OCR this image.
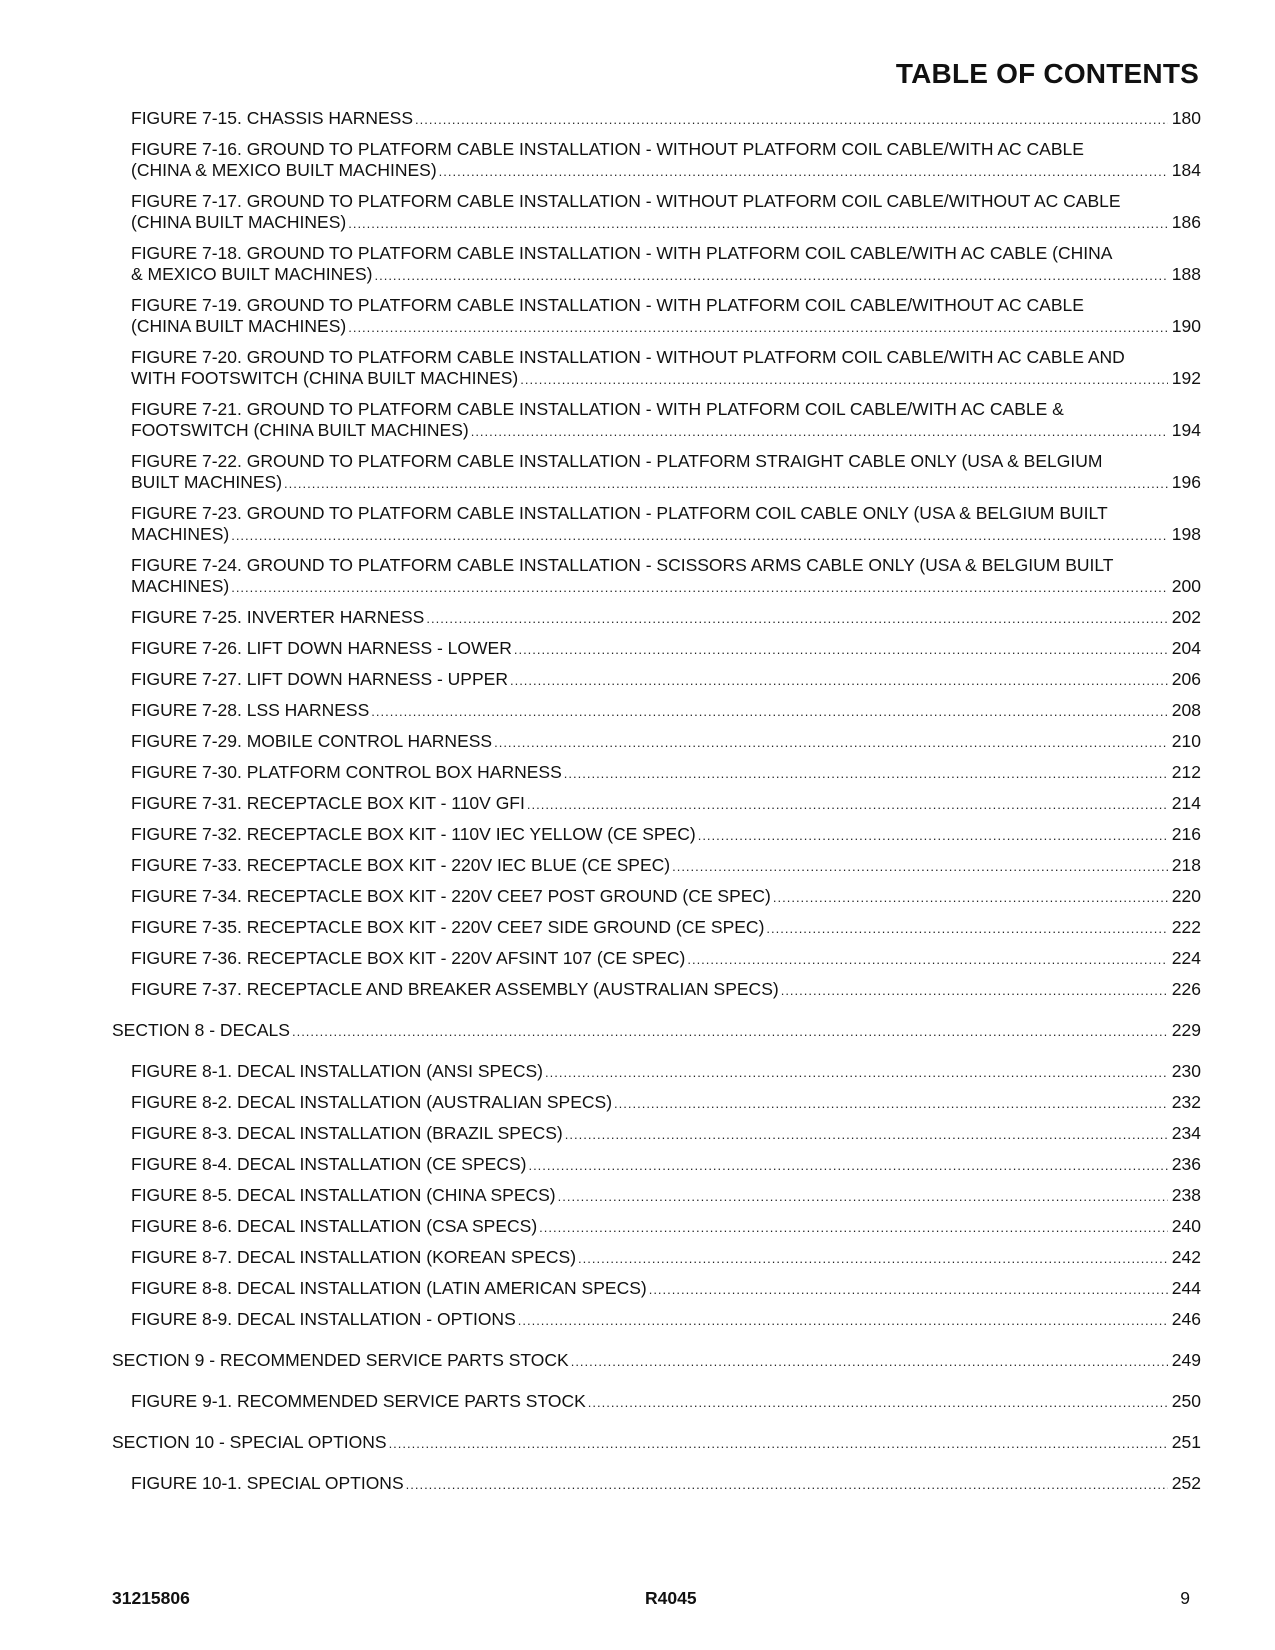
TABLE OF CONTENTS
FIGURE 7-15. CHASSIS HARNESS .....	180
FIGURE 7-16. GROUND TO PLATFORM CABLE INSTALLATION - WITHOUT PLATFORM COIL CABLE/WITH AC CABLE
(CHINA & MEXICO BUILT MACHINES) .....	184
FIGURE 7-17. GROUND TO PLATFORM CABLE INSTALLATION - WITHOUT PLATFORM COIL CABLE/WITHOUT AC CABLE
(CHINA BUILT MACHINES) .....	186
FIGURE 7-18. GROUND TO PLATFORM CABLE INSTALLATION - WITH PLATFORM COIL CABLE/WITH AC CABLE (CHINA
& MEXICO BUILT MACHINES) .....	188
FIGURE 7-19. GROUND TO PLATFORM CABLE INSTALLATION - WITH PLATFORM COIL CABLE/WITHOUT AC CABLE
(CHINA BUILT MACHINES) .....	190
FIGURE 7-20. GROUND TO PLATFORM CABLE INSTALLATION - WITHOUT PLATFORM COIL CABLE/WITH AC CABLE AND
WITH FOOTSWITCH (CHINA BUILT MACHINES) .....	192
FIGURE 7-21. GROUND TO PLATFORM CABLE INSTALLATION - WITH PLATFORM COIL CABLE/WITH AC CABLE &
FOOTSWITCH (CHINA BUILT MACHINES) .....	194
FIGURE 7-22. GROUND TO PLATFORM CABLE INSTALLATION - PLATFORM STRAIGHT CABLE ONLY (USA & BELGIUM
BUILT MACHINES) .....	196
FIGURE 7-23. GROUND TO PLATFORM CABLE INSTALLATION - PLATFORM COIL CABLE ONLY (USA & BELGIUM BUILT
MACHINES) .....	198
FIGURE 7-24. GROUND TO PLATFORM CABLE INSTALLATION - SCISSORS ARMS CABLE ONLY (USA & BELGIUM BUILT
MACHINES) .....	200
FIGURE 7-25. INVERTER HARNESS .....	202
FIGURE 7-26. LIFT DOWN HARNESS - LOWER .....	204
FIGURE 7-27. LIFT DOWN HARNESS - UPPER .....	206
FIGURE 7-28. LSS HARNESS .....	208
FIGURE 7-29. MOBILE CONTROL HARNESS .....	210
FIGURE 7-30. PLATFORM CONTROL BOX HARNESS .....	212
FIGURE 7-31. RECEPTACLE BOX KIT - 110V GFI .....	214
FIGURE 7-32. RECEPTACLE BOX KIT - 110V IEC YELLOW (CE SPEC) .....	216
FIGURE 7-33. RECEPTACLE BOX KIT - 220V IEC BLUE (CE SPEC) .....	218
FIGURE 7-34. RECEPTACLE BOX KIT - 220V CEE7 POST GROUND (CE SPEC) .....	220
FIGURE 7-35. RECEPTACLE BOX KIT - 220V CEE7 SIDE GROUND (CE SPEC) .....	222
FIGURE 7-36. RECEPTACLE BOX KIT - 220V AFSINT 107 (CE SPEC) .....	224
FIGURE 7-37. RECEPTACLE AND BREAKER ASSEMBLY (AUSTRALIAN SPECS) .....	226
SECTION 8 - DECALS .....	229
FIGURE 8-1. DECAL INSTALLATION (ANSI SPECS) .....	230
FIGURE 8-2. DECAL INSTALLATION (AUSTRALIAN SPECS) .....	232
FIGURE 8-3. DECAL INSTALLATION (BRAZIL SPECS) .....	234
FIGURE 8-4. DECAL INSTALLATION (CE SPECS) .....	236
FIGURE 8-5. DECAL INSTALLATION (CHINA SPECS) .....	238
FIGURE 8-6. DECAL INSTALLATION (CSA SPECS) .....	240
FIGURE 8-7. DECAL INSTALLATION (KOREAN SPECS) .....	242
FIGURE 8-8. DECAL INSTALLATION (LATIN AMERICAN SPECS) .....	244
FIGURE 8-9. DECAL INSTALLATION - OPTIONS .....	246
SECTION 9 - RECOMMENDED SERVICE PARTS STOCK .....	249
FIGURE 9-1. RECOMMENDED SERVICE PARTS STOCK .....	250
SECTION 10 - SPECIAL OPTIONS .....	251
FIGURE 10-1. SPECIAL OPTIONS .....	252
31215806	R4045	9
